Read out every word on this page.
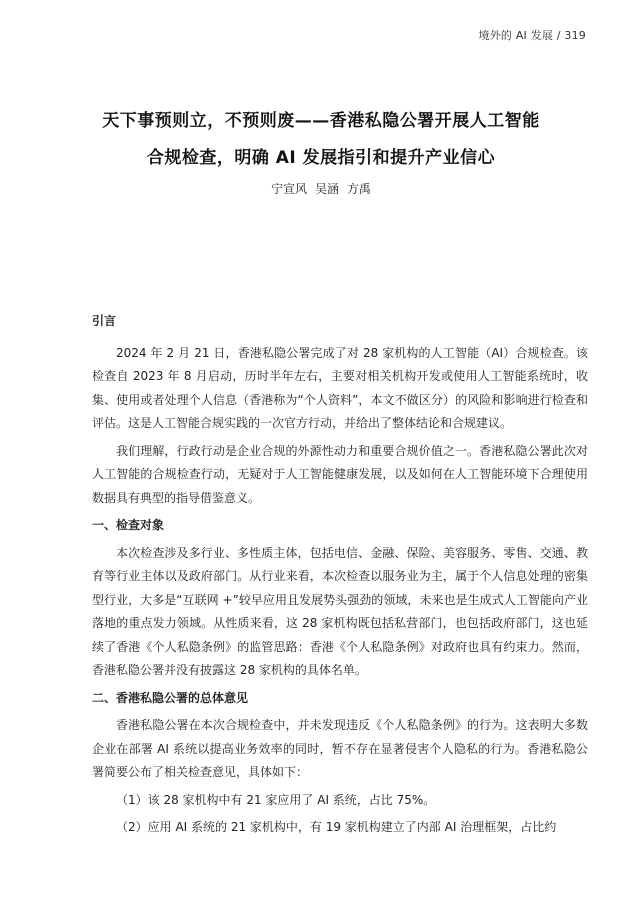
境外的 AI 发展 / 319
天下事预则立，不预则废——香港私隐公署开展人工智能
合规检查，明确 AI 发展指引和提升产业信心
宁宣风 吴涵 方禹
引言

2024 年 2 月 21 日，香港私隐公署完成了对 28 家机构的人工智能（AI）合规检查。该检查自 2023 年 8 月启动，历时半年左右，主要对相关机构开发或使用人工智能系统时，收集、使用或者处理个人信息（香港称为“个人资料”，本文不做区分）的风险和影响进行检查和评估。这是人工智能合规实践的一次官方行动，并给出了整体结论和合规建议。

我们理解，行政行动是企业合规的外源性动力和重要合规价值之一。香港私隐公署此次对人工智能的合规检查行动，无疑对于人工智能健康发展，以及如何在人工智能环境下合理使用数据具有典型的指导借鉴意义。

一、检查对象

本次检查涉及多行业、多性质主体，包括电信、金融、保险、美容服务、零售、交通、教育等行业主体以及政府部门。从行业来看，本次检查以服务业为主，属于个人信息处理的密集型行业，大多是“互联网 +”较早应用且发展势头强劲的领域，未来也是生成式人工智能向产业落地的重点发力领域。从性质来看，这 28 家机构既包括私营部门，也包括政府部门，这也延续了香港《个人私隐条例》的监管思路：香港《个人私隐条例》对政府也具有约束力。然而，香港私隐公署并没有披露这 28 家机构的具体名单。

二、香港私隐公署的总体意见

香港私隐公署在本次合规检查中，并未发现违反《个人私隐条例》的行为。这表明大多数企业在部署 AI 系统以提高业务效率的同时，暂不存在显著侵害个人隐私的行为。香港私隐公署简要公布了相关检查意见，具体如下：

（1）该 28 家机构中有 21 家应用了 AI 系统，占比 75%。

（2）应用 AI 系统的 21 家机构中，有 19 家机构建立了内部 AI 治理框架，占比约
